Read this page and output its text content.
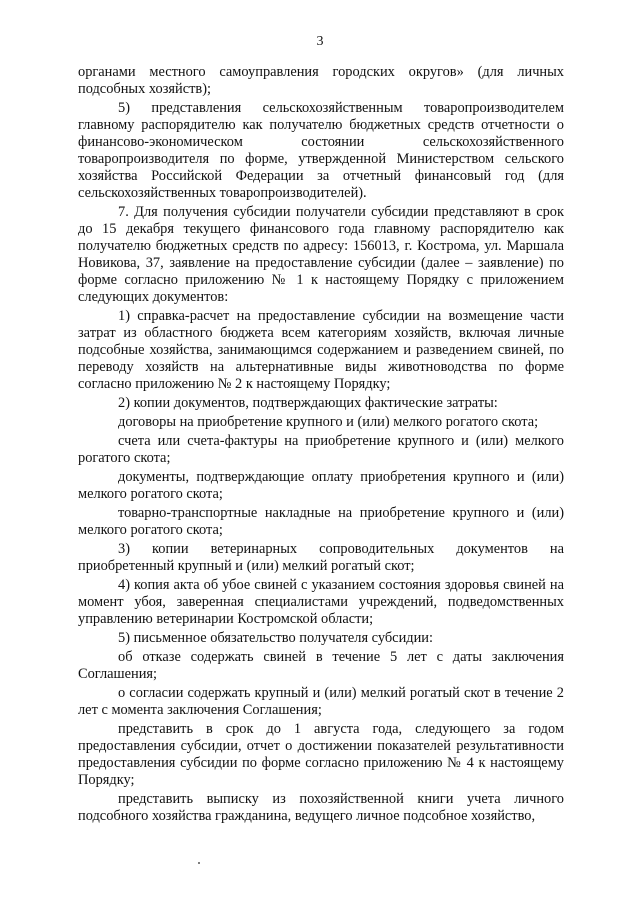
3

органами местного самоуправления городских округов» (для личных подсобных хозяйств);

5) представления сельскохозяйственным товаропроизводителем главному распорядителю как получателю бюджетных средств отчетности о финансово-экономическом состоянии сельскохозяйственного товаропроизводителя по форме, утвержденной Министерством сельского хозяйства Российской Федерации за отчетный финансовый год (для сельскохозяйственных товаропроизводителей).

7. Для получения субсидии получатели субсидии представляют в срок до 15 декабря текущего финансового года главному распорядителю как получателю бюджетных средств по адресу: 156013, г. Кострома, ул. Маршала Новикова, 37, заявление на предоставление субсидии (далее – заявление) по форме согласно приложению № 1 к настоящему Порядку с приложением следующих документов:

1) справка-расчет на предоставление субсидии на возмещение части затрат из областного бюджета всем категориям хозяйств, включая личные подсобные хозяйства, занимающимся содержанием и разведением свиней, по переводу хозяйств на альтернативные виды животноводства по форме согласно приложению № 2 к настоящему Порядку;

2) копии документов, подтверждающих фактические затраты:

договоры на приобретение крупного и (или) мелкого рогатого скота;

счета или счета-фактуры на приобретение крупного и (или) мелкого рогатого скота;

документы, подтверждающие оплату приобретения крупного и (или) мелкого рогатого скота;

товарно-транспортные накладные на приобретение крупного и (или) мелкого рогатого скота;

3) копии ветеринарных сопроводительных документов на приобретенный крупный и (или) мелкий рогатый скот;

4) копия акта об убое свиней с указанием состояния здоровья свиней на момент убоя, заверенная специалистами учреждений, подведомственных управлению ветеринарии Костромской области;

5) письменное обязательство получателя субсидии:

об отказе содержать свиней в течение 5 лет с даты заключения Соглашения;

о согласии содержать крупный и (или) мелкий рогатый скот в течение 2 лет с момента заключения Соглашения;

представить в срок до 1 августа года, следующего за годом предоставления субсидии, отчет о достижении показателей результативности предоставления субсидии по форме согласно приложению № 4 к настоящему Порядку;

представить выписку из похозяйственной книги учета личного подсобного хозяйства гражданина, ведущего личное подсобное хозяйство,
